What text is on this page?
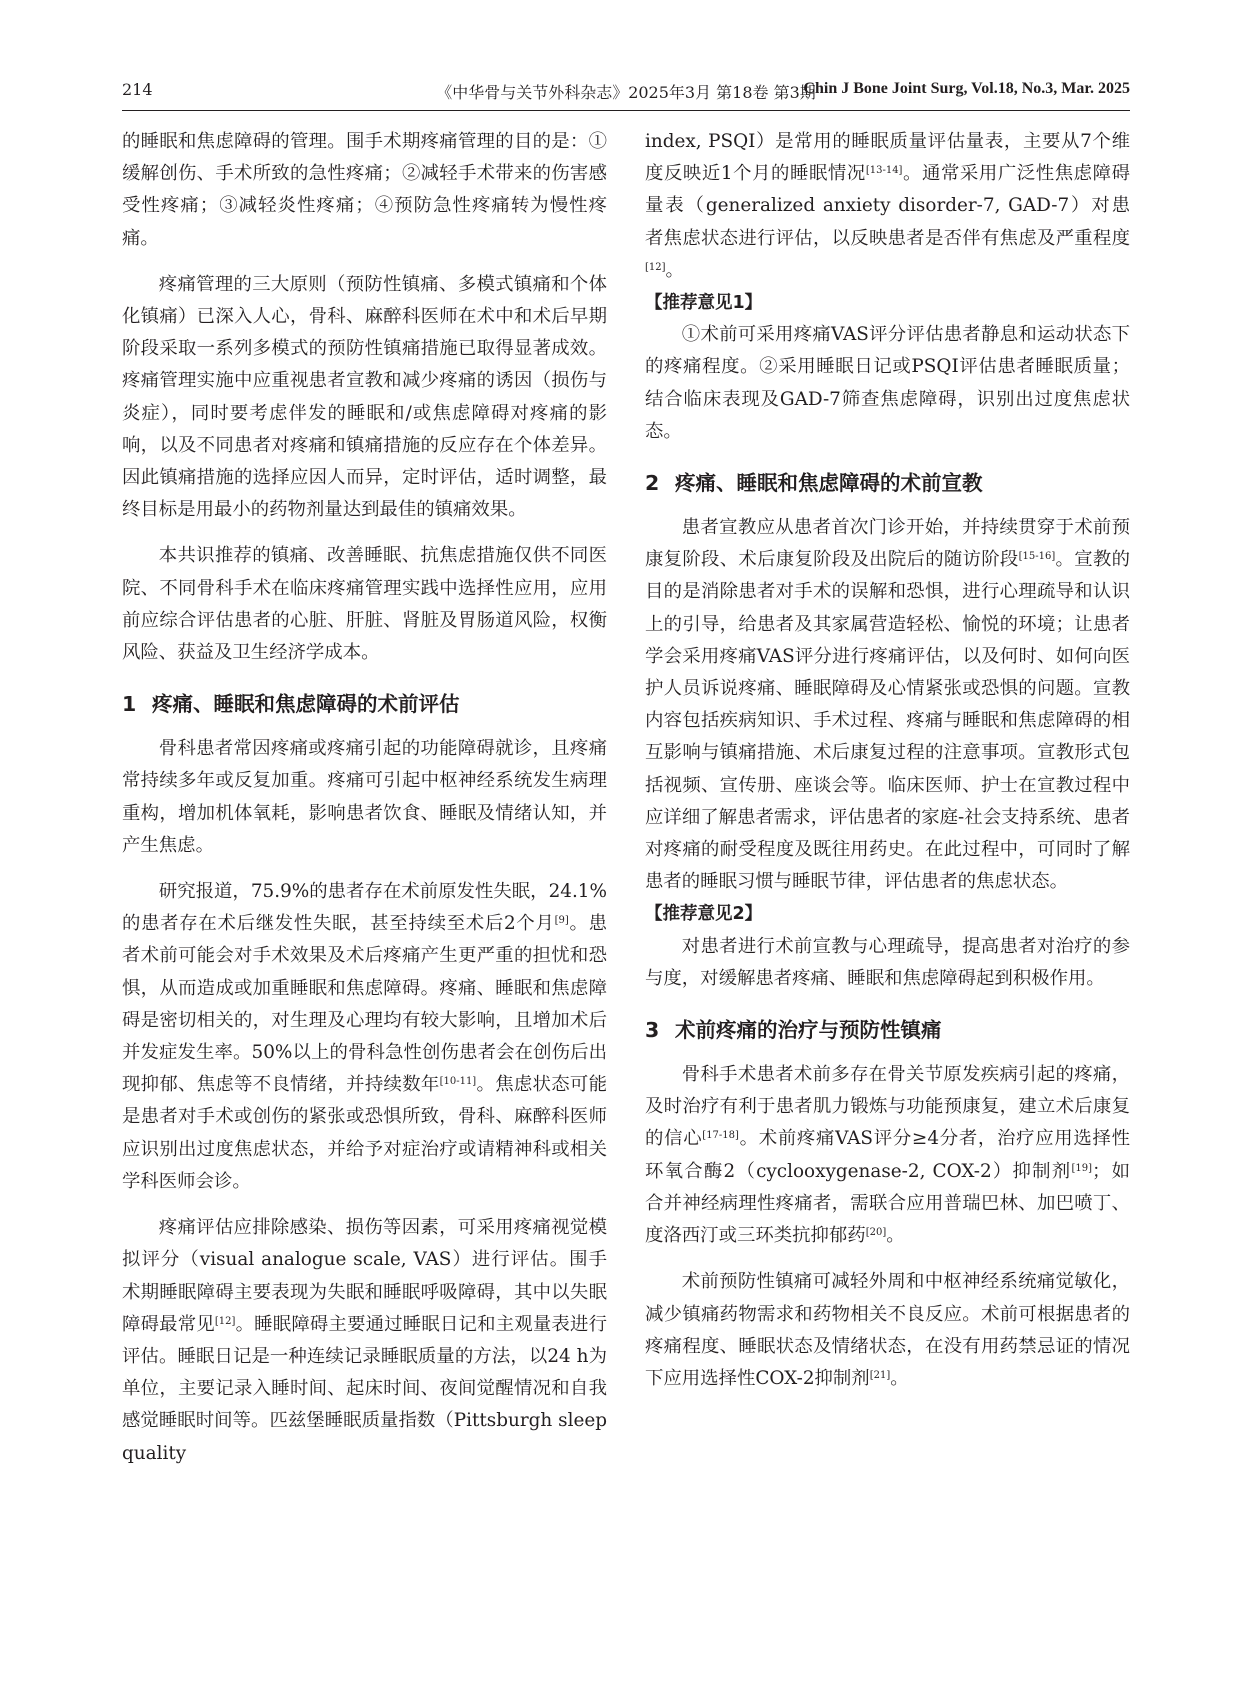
214	《中华骨与关节外科杂志》2025年3月 第18卷 第3期
Chin J Bone Joint Surg, Vol.18, No.3, Mar. 2025

的睡眠和焦虑障碍的管理。围手术期疼痛管理的目的是：①缓解创伤、手术所致的急性疼痛；②减轻手术带来的伤害感受性疼痛；③减轻炎性疼痛；④预防急性疼痛转为慢性疼痛。

疼痛管理的三大原则（预防性镇痛、多模式镇痛和个体化镇痛）已深入人心，骨科、麻醉科医师在术中和术后早期阶段采取一系列多模式的预防性镇痛措施已取得显著成效。疼痛管理实施中应重视患者宣教和减少疼痛的诱因（损伤与炎症），同时要考虑伴发的睡眠和/或焦虑障碍对疼痛的影响，以及不同患者对疼痛和镇痛措施的反应存在个体差异。因此镇痛措施的选择应因人而异，定时评估，适时调整，最终目标是用最小的药物剂量达到最佳的镇痛效果。

本共识推荐的镇痛、改善睡眠、抗焦虑措施仅供不同医院、不同骨科手术在临床疼痛管理实践中选择性应用，应用前应综合评估患者的心脏、肝脏、肾脏及胃肠道风险，权衡风险、获益及卫生经济学成本。

1 疼痛、睡眠和焦虑障碍的术前评估

骨科患者常因疼痛或疼痛引起的功能障碍就诊，且疼痛常持续多年或反复加重。疼痛可引起中枢神经系统发生病理重构，增加机体氧耗，影响患者饮食、睡眠及情绪认知，并产生焦虑。

研究报道，75.9%的患者存在术前原发性失眠，24.1%的患者存在术后继发性失眠，甚至持续至术后2个月[9]。患者术前可能会对手术效果及术后疼痛产生更严重的担忧和恐惧，从而造成或加重睡眠和焦虑障碍。疼痛、睡眠和焦虑障碍是密切相关的，对生理及心理均有较大影响，且增加术后并发症发生率。50%以上的骨科急性创伤患者会在创伤后出现抑郁、焦虑等不良情绪，并持续数年[10-11]。焦虑状态可能是患者对手术或创伤的紧张或恐惧所致，骨科、麻醉科医师应识别出过度焦虑状态，并给予对症治疗或请精神科或相关学科医师会诊。

疼痛评估应排除感染、损伤等因素，可采用疼痛视觉模拟评分（visual analogue scale, VAS）进行评估。围手术期睡眠障碍主要表现为失眠和睡眠呼吸障碍，其中以失眠障碍最常见[12]。睡眠障碍主要通过睡眠日记和主观量表进行评估。睡眠日记是一种连续记录睡眠质量的方法，以24 h为单位，主要记录入睡时间、起床时间、夜间觉醒情况和自我感觉睡眠时间等。匹兹堡睡眠质量指数（Pittsburgh sleep quality

index, PSQI）是常用的睡眠质量评估量表，主要从7个维度反映近1个月的睡眠情况[13-14]。通常采用广泛性焦虑障碍量表（generalized anxiety disorder-7, GAD-7）对患者焦虑状态进行评估，以反映患者是否伴有焦虑及严重程度[12]。

【推荐意见1】

①术前可采用疼痛VAS评分评估患者静息和运动状态下的疼痛程度。②采用睡眠日记或PSQI评估患者睡眠质量；结合临床表现及GAD-7筛查焦虑障碍，识别出过度焦虑状态。

2 疼痛、睡眠和焦虑障碍的术前宣教

患者宣教应从患者首次门诊开始，并持续贯穿于术前预康复阶段、术后康复阶段及出院后的随访阶段[15-16]。宣教的目的是消除患者对手术的误解和恐惧，进行心理疏导和认识上的引导，给患者及其家属营造轻松、愉悦的环境；让患者学会采用疼痛VAS评分进行疼痛评估，以及何时、如何向医护人员诉说疼痛、睡眠障碍及心情紧张或恐惧的问题。宣教内容包括疾病知识、手术过程、疼痛与睡眠和焦虑障碍的相互影响与镇痛措施、术后康复过程的注意事项。宣教形式包括视频、宣传册、座谈会等。临床医师、护士在宣教过程中应详细了解患者需求，评估患者的家庭-社会支持系统、患者对疼痛的耐受程度及既往用药史。在此过程中，可同时了解患者的睡眠习惯与睡眠节律，评估患者的焦虑状态。

【推荐意见2】

对患者进行术前宣教与心理疏导，提高患者对治疗的参与度，对缓解患者疼痛、睡眠和焦虑障碍起到积极作用。

3 术前疼痛的治疗与预防性镇痛

骨科手术患者术前多存在骨关节原发疾病引起的疼痛，及时治疗有利于患者肌力锻炼与功能预康复，建立术后康复的信心[17-18]。术前疼痛VAS评分≥4分者，治疗应用选择性环氧合酶2（cyclooxygenase-2, COX-2）抑制剂[19]；如合并神经病理性疼痛者，需联合应用普瑞巴林、加巴喷丁、度洛西汀或三环类抗抑郁药[20]。

术前预防性镇痛可减轻外周和中枢神经系统痛觉敏化，减少镇痛药物需求和药物相关不良反应。术前可根据患者的疼痛程度、睡眠状态及情绪状态，在没有用药禁忌证的情况下应用选择性COX-2抑制剂[21]。
